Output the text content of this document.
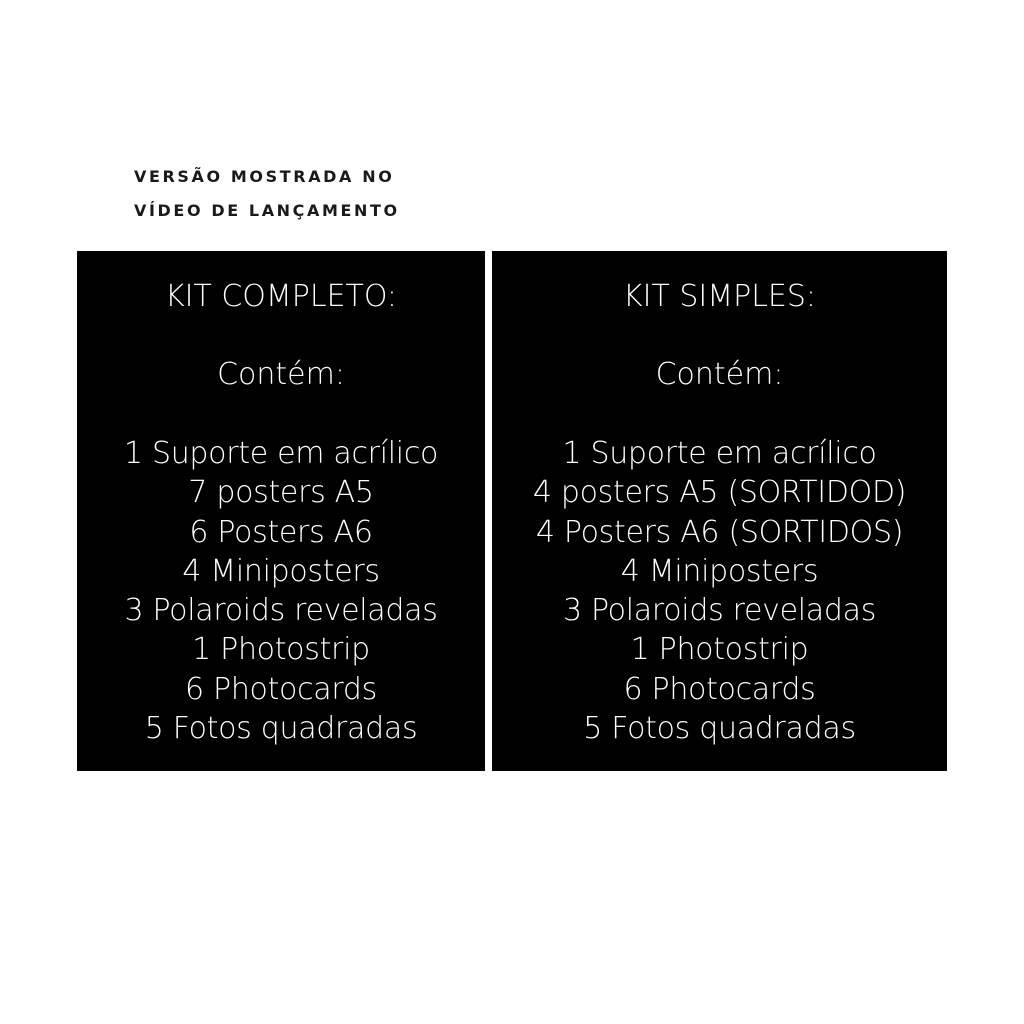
VERSÃO MOSTRADA NO
VÍDEO DE LANÇAMENTO
KIT COMPLETO:
Contém:
1 Suporte em acrílico
7 posters A5
6 Posters A6
4 Miniposters
3 Polaroids reveladas
1 Photostrip
6 Photocards
5 Fotos quadradas
KIT SIMPLES:
Contém:
1 Suporte em acrílico
4 posters A5 (SORTIDOD)
4 Posters A6 (SORTIDOS)
4 Miniposters
3 Polaroids reveladas
1 Photostrip
6 Photocards
5 Fotos quadradas
